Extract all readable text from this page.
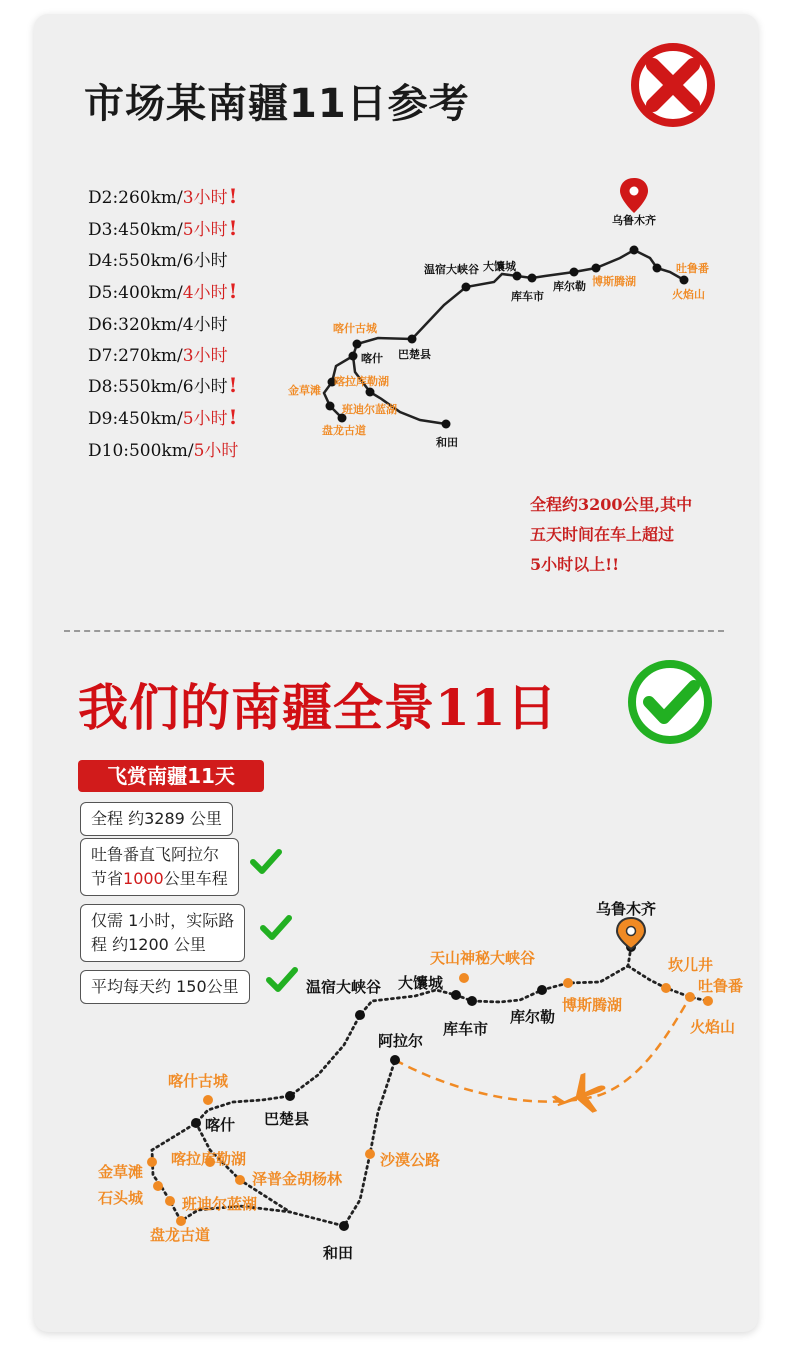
市场某南疆11日参考
D2:260km/3小时!
D3:450km/5小时!
D4:550km/6小时
D5:400km/4小时!
D6:320km/4小时
D7:270km/3小时
D8:550km/6小时!
D9:450km/5小时!
D10:500km/5小时
乌鲁木齐
吐鲁番
火焰山
博斯腾湖
库尔勒
库车市
大馕城
温宿大峡谷
喀什古城
喀什 巴楚县
金草滩
喀拉库勒湖
班迪尔蓝湖
盘龙古道
和田
全程约3200公里,其中
五天时间在车上超过
5小时以上!!
我们的南疆全景11日
飞赏南疆11天
全程 约3289 公里
吐鲁番直飞阿拉尔
节省1000公里车程
仅需 1小时，实际路
程 约1200 公里
平均每天约 150公里
乌鲁木齐
坎儿井
吐鲁番
火焰山
博斯腾湖
库尔勒
库车市
天山神秘大峡谷
大馕城
温宿大峡谷
阿拉尔
沙漠公路
喀什古城
喀什 巴楚县
喀拉库勒湖
泽普金胡杨林
金草滩
石头城	班迪尔蓝湖
盘龙古道
和田
